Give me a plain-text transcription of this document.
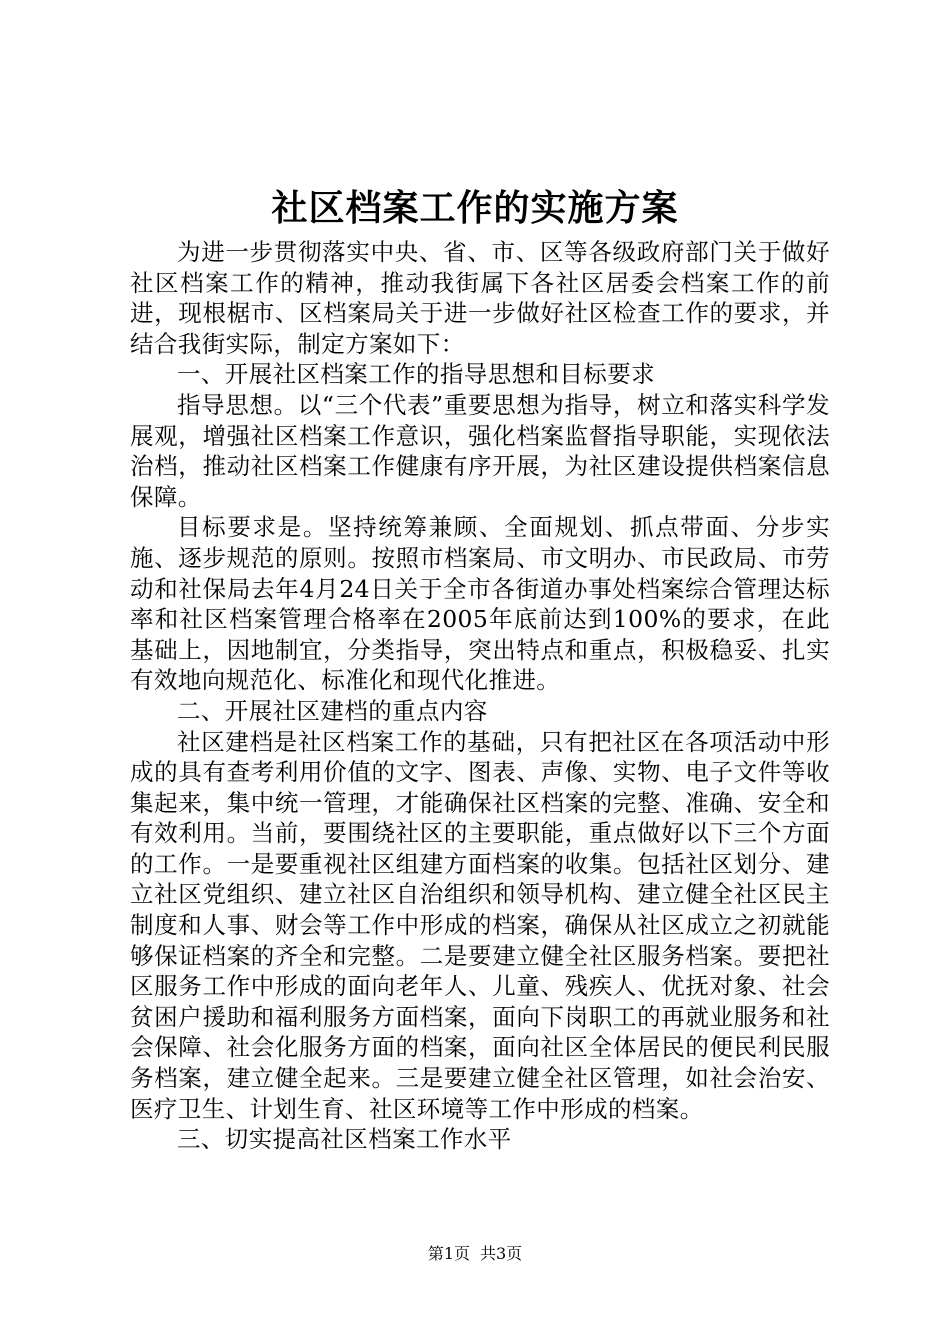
社区档案工作的实施方案

为进一步贯彻落实中央、省、市、区等各级政府部门关于做好社区档案工作的精神，推动我街属下各社区居委会档案工作的前进，现根椐市、区档案局关于进一步做好社区检查工作的要求，并结合我街实际，制定方案如下：

一、开展社区档案工作的指导思想和目标要求

指导思想。以“三个代表”重要思想为指导，树立和落实科学发展观，增强社区档案工作意识，强化档案监督指导职能，实现依法治档，推动社区档案工作健康有序开展，为社区建设提供档案信息保障。

目标要求是。坚持统筹兼顾、全面规划、抓点带面、分步实施、逐步规范的原则。按照市档案局、市文明办、市民政局、市劳动和社保局去年4月24日关于全市各街道办事处档案综合管理达标率和社区档案管理合格率在2005年底前达到100%的要求，在此基础上，因地制宜，分类指导，突出特点和重点，积极稳妥、扎实有效地向规范化、标准化和现代化推进。

二、开展社区建档的重点内容

社区建档是社区档案工作的基础，只有把社区在各项活动中形成的具有查考利用价值的文字、图表、声像、实物、电子文件等收集起来，集中统一管理，才能确保社区档案的完整、准确、安全和有效利用。当前，要围绕社区的主要职能，重点做好以下三个方面的工作。一是要重视社区组建方面档案的收集。包括社区划分、建立社区党组织、建立社区自治组织和领导机构、建立健全社区民主制度和人事、财会等工作中形成的档案，确保从社区成立之初就能够保证档案的齐全和完整。二是要建立健全社区服务档案。要把社区服务工作中形成的面向老年人、儿童、残疾人、优抚对象、社会贫困户援助和福利服务方面档案，面向下岗职工的再就业服务和社会保障、社会化服务方面的档案，面向社区全体居民的便民利民服务档案，建立健全起来。三是要建立健全社区管理，如社会治安、医疗卫生、计划生育、社区环境等工作中形成的档案。

三、切实提高社区档案工作水平

第1页 共3页
